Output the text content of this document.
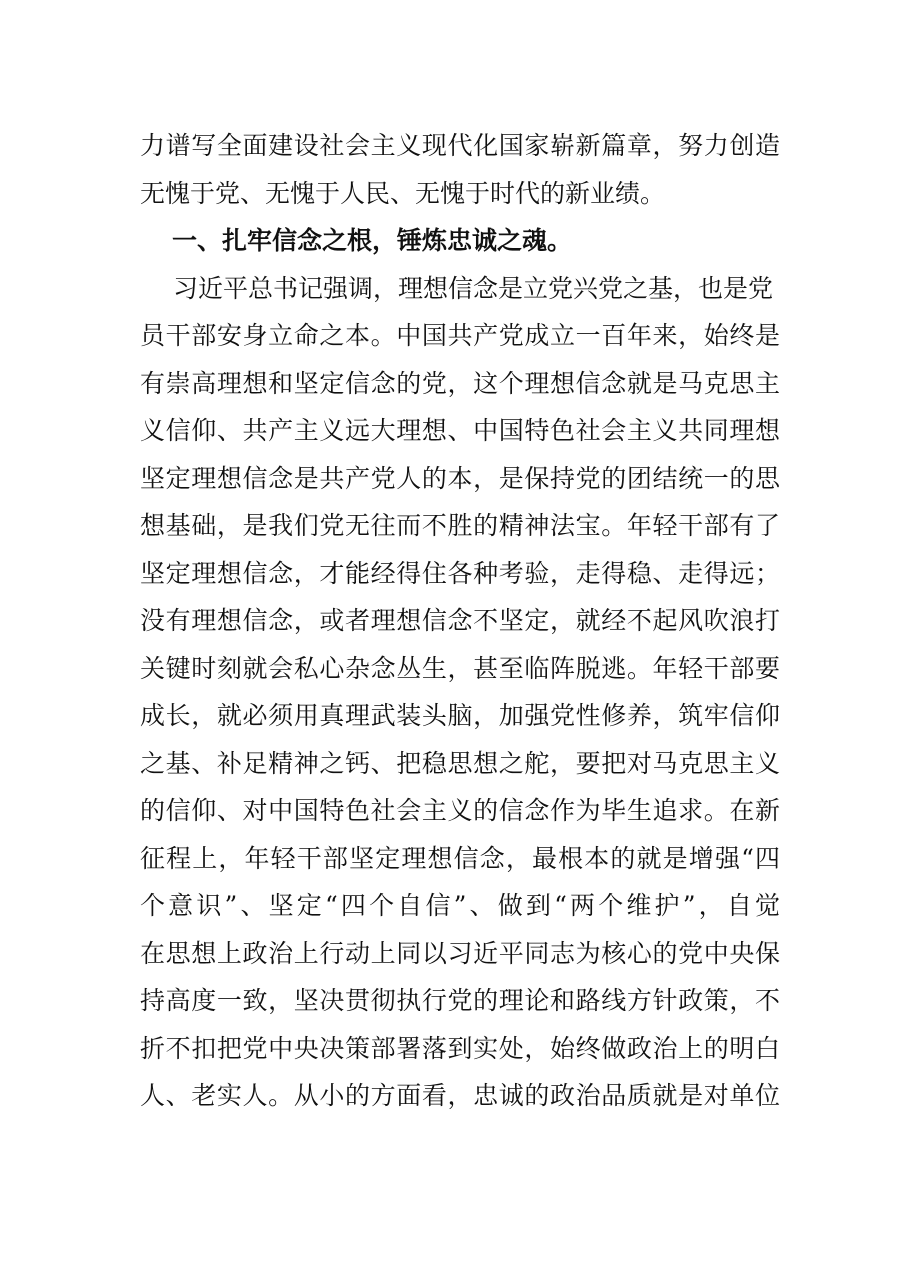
力谱写全面建设社会主义现代化国家崭新篇章，努力创造
无愧于党、无愧于人民、无愧于时代的新业绩。
一、扎牢信念之根，锤炼忠诚之魂。
习近平总书记强调，理想信念是立党兴党之基，也是党
员干部安身立命之本。中国共产党成立一百年来，始终是
有崇高理想和坚定信念的党，这个理想信念就是马克思主
义信仰、共产主义远大理想、中国特色社会主义共同理想
坚定理想信念是共产党人的本，是保持党的团结统一的思
想基础，是我们党无往而不胜的精神法宝。年轻干部有了
坚定理想信念，才能经得住各种考验，走得稳、走得远；
没有理想信念，或者理想信念不坚定，就经不起风吹浪打
关键时刻就会私心杂念丛生，甚至临阵脱逃。年轻干部要
成长，就必须用真理武装头脑，加强党性修养，筑牢信仰
之基、补足精神之钙、把稳思想之舵，要把对马克思主义
的信仰、对中国特色社会主义的信念作为毕生追求。在新
征程上，年轻干部坚定理想信念，最根本的就是增强“四
个意识”、坚定“四个自信”、做到“两个维护”，自觉
在思想上政治上行动上同以习近平同志为核心的党中央保
持高度一致，坚决贯彻执行党的理论和路线方针政策，不
折不扣把党中央决策部署落到实处，始终做政治上的明白
人、老实人。从小的方面看，忠诚的政治品质就是对单位
